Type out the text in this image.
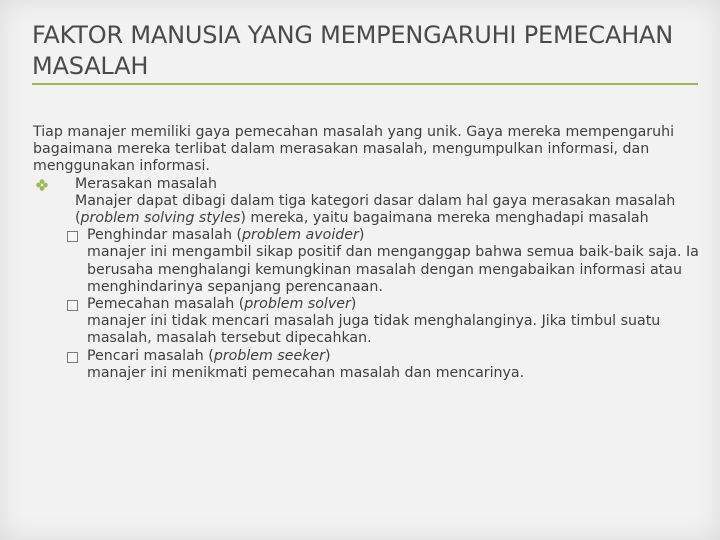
FAKTOR MANUSIA YANG MEMPENGARUHI PEMECAHAN MASALAH

Tiap manajer memiliki gaya pemecahan masalah yang unik. Gaya mereka mempengaruhi bagaimana mereka terlibat dalam merasakan masalah, mengumpulkan informasi, dan menggunakan informasi.

Merasakan masalah

Manajer dapat dibagi dalam tiga kategori dasar dalam hal gaya merasakan masalah (problem solving styles) mereka, yaitu bagaimana mereka menghadapi masalah

Penghindar masalah (problem avoider)

manajer ini mengambil sikap positif dan menganggap bahwa semua baik-baik saja. Ia berusaha menghalangi kemungkinan masalah dengan mengabaikan informasi atau menghindarinya sepanjang perencanaan.

Pemecahan masalah (problem solver)

manajer ini tidak mencari masalah juga tidak menghalanginya. Jika timbul suatu masalah, masalah tersebut dipecahkan.

Pencari masalah (problem seeker)

manajer ini menikmati pemecahan masalah dan mencarinya.
